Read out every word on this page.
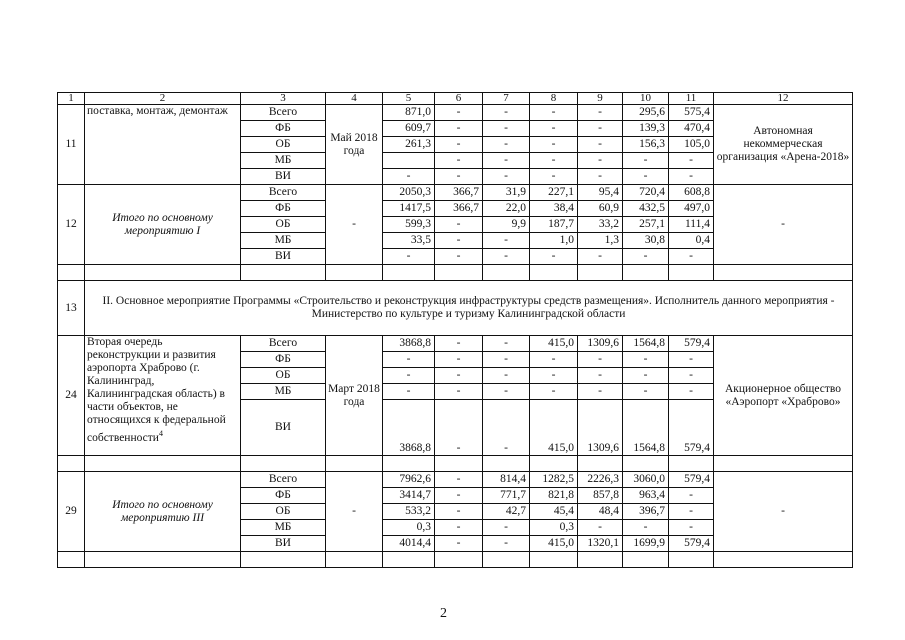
1	2	3	4	5	6	7	8	9	10	11	12
11	поставка, монтаж, демонтаж	Всего	Май 2018 года	871,0	-	-	-	-	295,6	575,4	Автономная некоммерческая организация «Арена-2018»
		ФБ		609,7	-	-	-	-	139,3	470,4	
		ОБ		261,3	-	-	-	-	156,3	105,0	
		МБ			-	-	-	-	-	-	
		ВИ		-	-	-	-	-	-	-	
12	Итого по основному мероприятию I	Всего	-	2050,3	366,7	31,9	227,1	95,4	720,4	608,8	-
		ФБ		1417,5	366,7	22,0	38,4	60,9	432,5	497,0	
		ОБ		599,3	-	9,9	187,7	33,2	257,1	111,4	
		МБ		33,5	-	-	1,0	1,3	30,8	0,4	
		ВИ		-	-	-	-	-	-	-	

13	II. Основное мероприятие Программы «Строительство и реконструкция инфраструктуры средств размещения». Исполнитель данного мероприятия - Министерство по культуре и туризму Калининградской области										
24	Вторая очередь реконструкции и развития аэропорта Храброво (г. Калининград, Калининградская область) в части объектов, не относящихся к федеральной собственности$^4$	Всего	Март 2018 года	3868,8	-	-	415,0	1309,6	1564,8	579,4	Акционерное общество «Аэропорт «Храброво»
		ФБ		-	-	-	-	-	-	-	
		ОБ		-	-	-	-	-	-	-	
		МБ		-	-	-	-	-	-	-	
		ВИ		3868,8	-	-	415,0	1309,6	1564,8	579,4	

29	Итого по основному мероприятию III	Всего	-	7962,6	-	814,4	1282,5	2226,3	3060,0	579,4	-
		ФБ		3414,7	-	771,7	821,8	857,8	963,4	-	
		ОБ		533,2	-	42,7	45,4	48,4	396,7	-	
		МБ		0,3	-	-	0,3	-	-	-	
		ВИ		4014,4	-	-	415,0	1320,1	1699,9	579,4	

2
